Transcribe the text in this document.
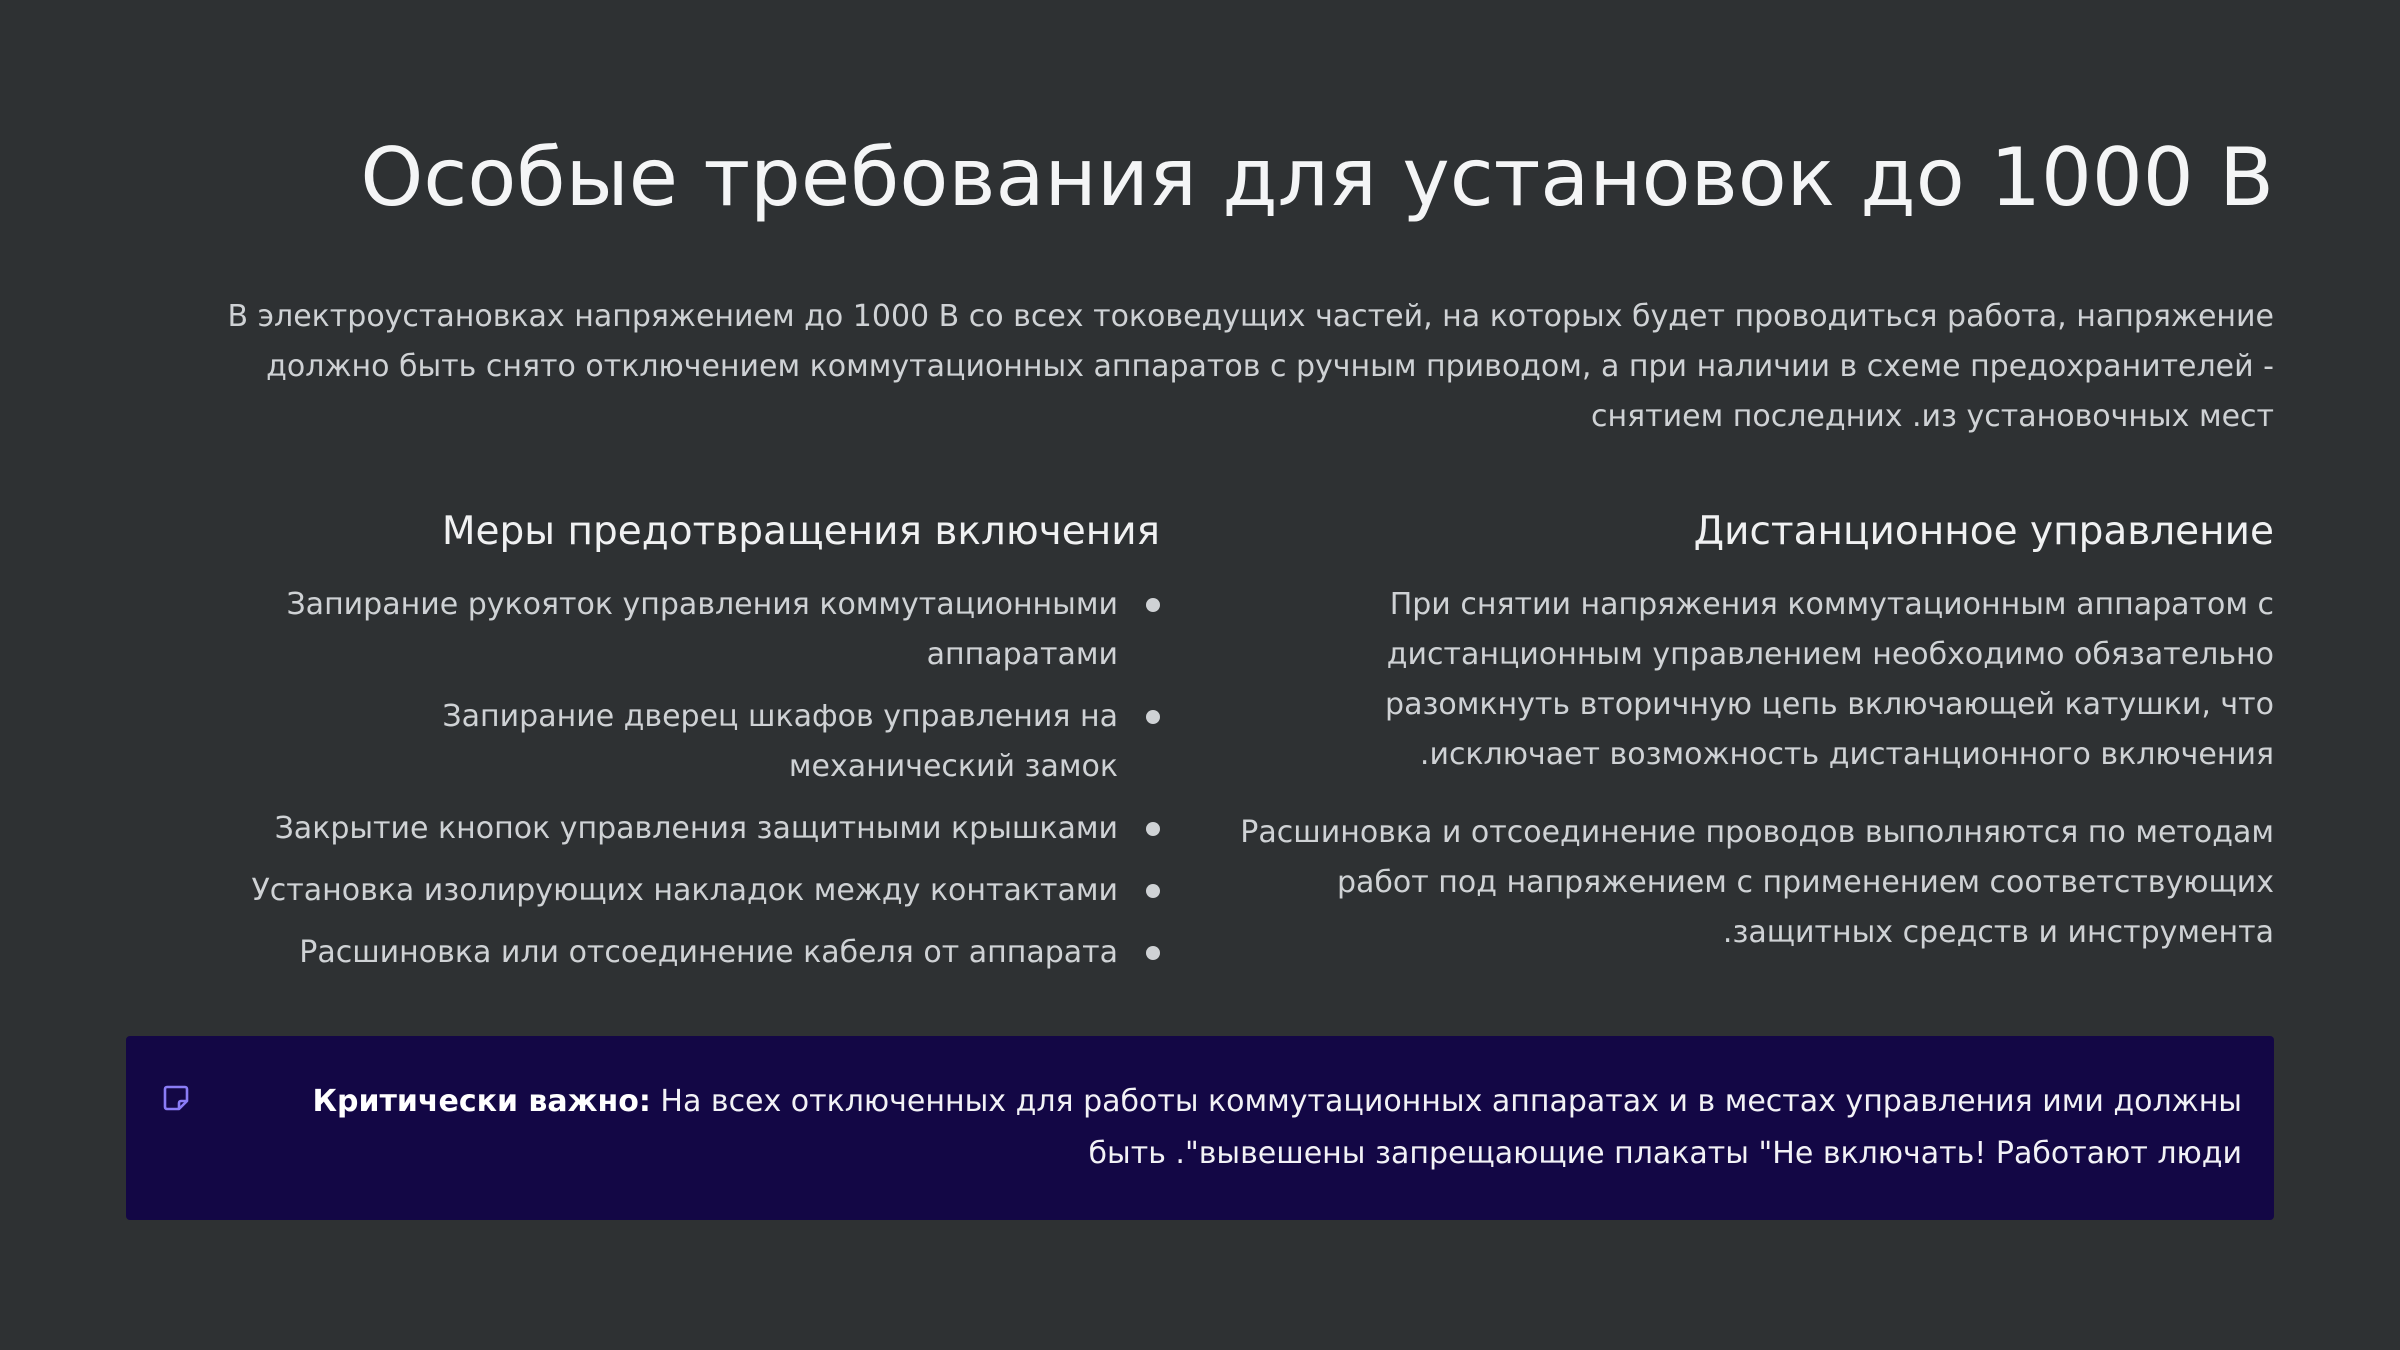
Особые требования для установок до 1000 В

В электроустановках напряжением до 1000 В со всех токоведущих частей, на которых будет проводиться работа, напряжение должно быть снято отключением коммутационных аппаратов с ручным приводом, а при наличии в схеме предохранителей - снятием последних .из установочных мест

Меры предотвращения включения
Запирание рукояток управления коммутационными аппаратами
Запирание дверец шкафов управления на механический замок
Закрытие кнопок управления защитными крышками
Установка изолирующих накладок между контактами
Расшиновка или отсоединение кабеля от аппарата
Дистанционное управление

При снятии напряжения коммутационным аппаратом с дистанционным управлением необходимо обязательно разомкнуть вторичную цепь включающей катушки, что .исключает возможность дистанционного включения

Расшиновка и отсоединение проводов выполняются по методам работ под напряжением с применением соответствующих .защитных средств и инструмента

Критически важно: На всех отключенных для работы коммутационных аппаратах и в местах управления ими должны быть ."вывешены запрещающие плакаты "Не включать! Работают люди
